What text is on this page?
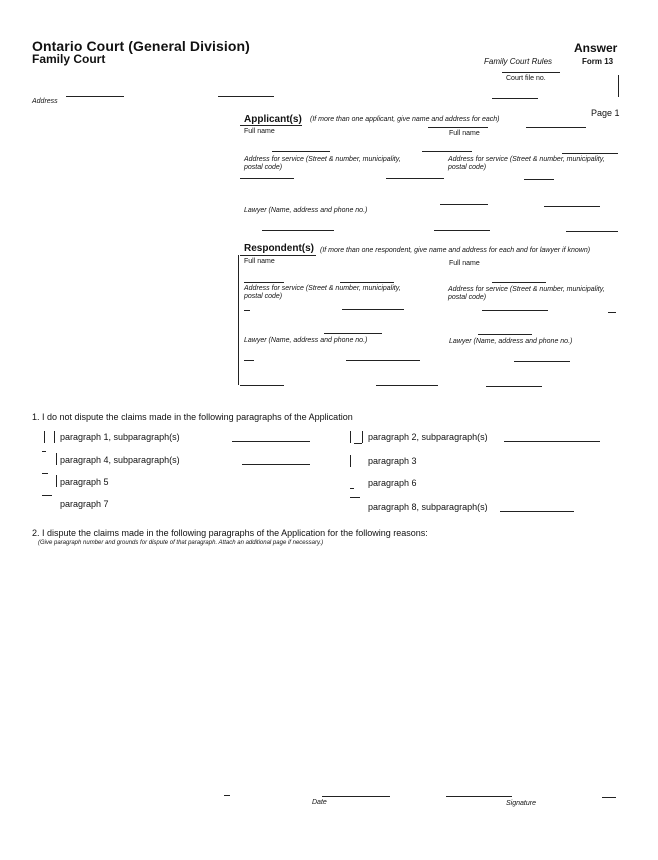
Ontario Court (General Division)
Family Court
Answer
Family Court Rules	Form 13
Court file no.
Address
Page 1
Applicant(s) (If more than one applicant, give name and address for each)
Full name	Full name
Address for service (Street & number, municipality, postal code)
Address for service (Street & number, municipality, postal code)
Lawyer (Name, address and phone no.)
Respondent(s) (If more than one respondent, give name and address for each and for lawyer if known)
Full name	Full name
Address for service (Street & number, municipality, postal code)
Address for service (Street & number, municipality, postal code)
Lawyer (Name, address and phone no.)	Lawyer (Name, address and phone no.)
1. I do not dispute the claims made in the following paragraphs of the Application
paragraph 1, subparagraph(s)	paragraph 2, subparagraph(s)
paragraph 4, subparagraph(s)	paragraph 3
paragraph 5	paragraph 6
paragraph 7	paragraph 8, subparagraph(s)
2. I dispute the claims made in the following paragraphs of the Application for the following reasons:
(Give paragraph number and grounds for dispute of that paragraph. Attach an additional page if necessary.)
Date	Signature
